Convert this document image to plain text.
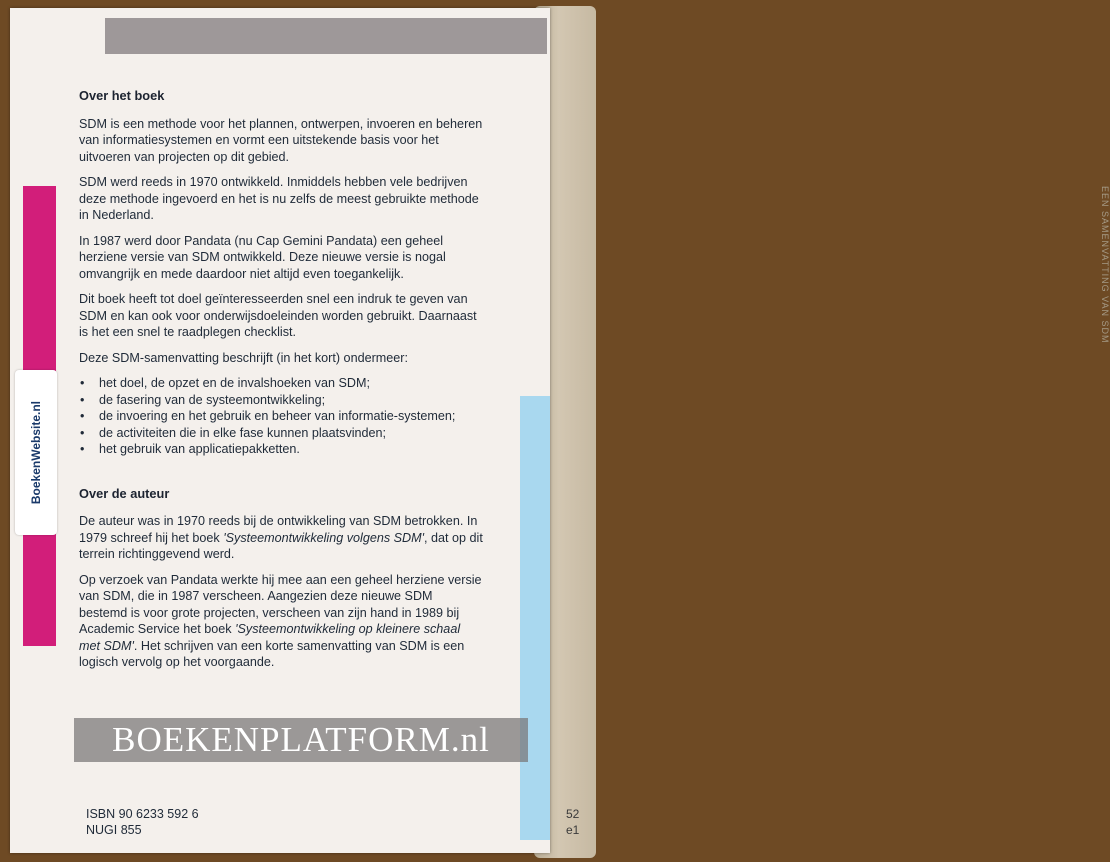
EEN SAMENVATTING VAN SDM
BoekenWebsite.nl
Over het boek

SDM is een methode voor het plannen, ontwerpen, invoeren en beheren van informatiesystemen en vormt een uitstekende basis voor het uitvoeren van projecten op dit gebied.

SDM werd reeds in 1970 ontwikkeld. Inmiddels hebben vele bedrijven deze methode ingevoerd en het is nu zelfs de meest gebruikte methode in Nederland.

In 1987 werd door Pandata (nu Cap Gemini Pandata) een geheel herziene versie van SDM ontwikkeld. Deze nieuwe versie is nogal omvangrijk en mede daardoor niet altijd even toegankelijk.

Dit boek heeft tot doel geïnteresseerden snel een indruk te geven van SDM en kan ook voor onderwijsdoeleinden worden gebruikt. Daarnaast is het een snel te raadplegen checklist.

Deze SDM-samenvatting beschrijft (in het kort) ondermeer:

• het doel, de opzet en de invalshoeken van SDM;
• de fasering van de systeemontwikkeling;
• de invoering en het gebruik en beheer van informatie-systemen;
• de activiteiten die in elke fase kunnen plaatsvinden;
• het gebruik van applicatiepakketten.
Over de auteur

De auteur was in 1970 reeds bij de ontwikkeling van SDM betrokken. In 1979 schreef hij het boek 'Systeemontwikkeling volgens SDM', dat op dit terrein richtinggevend werd.

Op verzoek van Pandata werkte hij mee aan een geheel herziene versie van SDM, die in 1987 verscheen. Aangezien deze nieuwe SDM bestemd is voor grote projecten, verscheen van zijn hand in 1989 bij Academic Service het boek 'Systeemontwikkeling op kleinere schaal met SDM'. Het schrijven van een korte samenvatting van SDM is een logisch vervolg op het voorgaande.

BOEKENPLATFORM.nl
ISBN 90 6233 592 6
NUGI 855
52
e1
